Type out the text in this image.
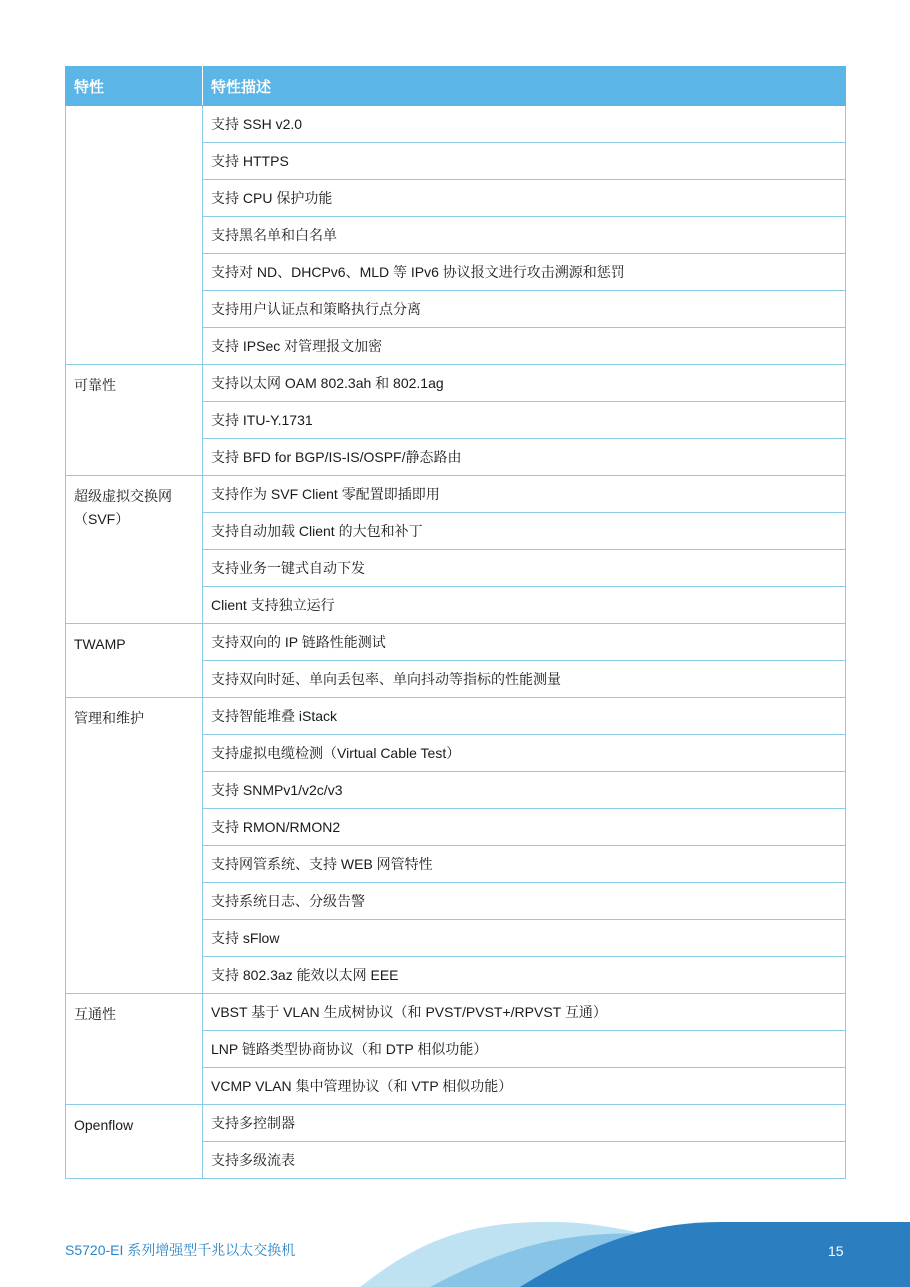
特性	特性描述
	支持 SSH v2.0
	支持 HTTPS
	支持 CPU 保护功能
	支持黑名单和白名单
	支持对 ND、DHCPv6、MLD 等 IPv6 协议报文进行攻击溯源和惩罚
	支持用户认证点和策略执行点分离
	支持 IPSec 对管理报文加密
可靠性	支持以太网 OAM 802.3ah 和 802.1ag
	支持 ITU-Y.1731
	支持 BFD for BGP/IS-IS/OSPF/静态路由
超级虚拟交换网（SVF）	支持作为 SVF Client 零配置即插即用
	支持自动加载 Client 的大包和补丁
	支持业务一键式自动下发
	Client 支持独立运行
TWAMP	支持双向的 IP 链路性能测试
	支持双向时延、单向丢包率、单向抖动等指标的性能测量
管理和维护	支持智能堆叠 iStack
	支持虚拟电缆检测（Virtual Cable Test）
	支持 SNMPv1/v2c/v3
	支持 RMON/RMON2
	支持网管系统、支持 WEB 网管特性
	支持系统日志、分级告警
	支持 sFlow
	支持 802.3az 能效以太网 EEE
互通性	VBST 基于 VLAN 生成树协议（和 PVST/PVST+/RPVST 互通）
	LNP 链路类型协商协议（和 DTP 相似功能）
	VCMP VLAN 集中管理协议（和 VTP 相似功能）
Openflow	支持多控制器
	支持多级流表
S5720-EI 系列增强型千兆以太交换机	15
